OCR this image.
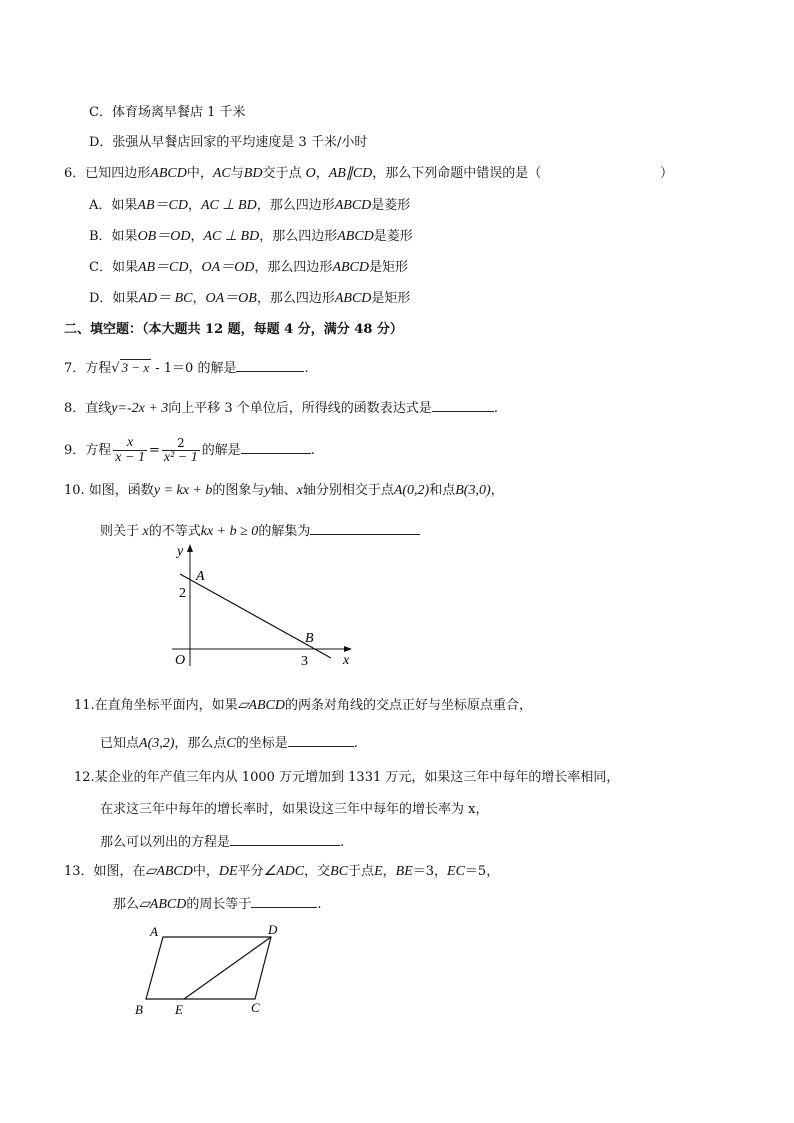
C．体育场离早餐店 1 千米
D．张强从早餐店回家的平均速度是 3 千米/小时
6．已知四边形ABCD中，AC与BD交于点 O，AB∥CD，那么下列命题中错误的是（	）
A．如果AB＝CD，AC ⊥ BD，那么四边形ABCD是菱形
B．如果OB＝OD，AC ⊥ BD，那么四边形ABCD是菱形
C．如果AB＝CD，OA＝OD，那么四边形ABCD是矩形
D．如果AD＝ BC，OA＝OB，那么四边形ABCD是矩形
二、填空题：（本大题共 12 题，每题 4 分，满分 48 分）
7．方程√ 3 − x - 1＝0 的解是	.
8．直线y=-2x + 3向上平移 3 个单位后，所得线的函数表达式是	.
9．方程 $\frac{x}{x - 1} = \frac{2}{\text{x² − 1}}$ 的解是	.
10. 如图，函数y = kx + b的图象与y轴、x轴分别相交于点A(0,2)和点B(3,0)，
则关于 x的不等式kx + b ≥ 0的解集为
y
x
O
A
B
2
3
11.在直角坐标平面内，如果▱ABCD的两条对角线的交点正好与坐标原点重合，
已知点A(3,2)，那么点C的坐标是	.
12.某企业的年产值三年内从 1000 万元增加到 1331 万元，如果这三年中每年的增长率相同，
在求这三年中每年的增长率时，如果设这三年中每年的增长率为 x，
那么可以列出的方程是	.
13．如图，在▱ABCD中，DE平分∠ADC，交BC于点E，BE＝3，EC＝5，
那么▱ABCD的周长等于	.
A	D
B E	C
